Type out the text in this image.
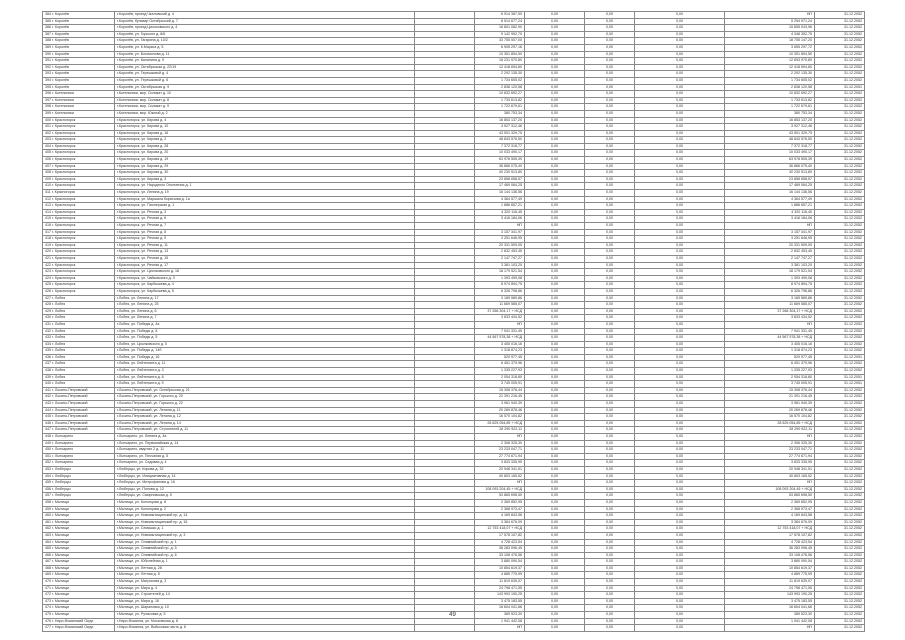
384 г. Королёв	г.Королёв, проезд Чкаловский д. 4		6 914 387,50	0,00	0,00	0,00	НП	31.12.2052
385 г. Королёв	г.Королёв, бульвар Октябрьский д. 7		8 514 677,24	0,00	0,00	0,00	5 254 971,24	31.12.2052
386 г. Королёв	г.Королёв, проезд Циолковского д. 4		16 801 082,90	0,00	0,00	0,00	10 655 043,96	31.12.2052
387 г. Королёв	г.Королёв, ул. Горького д. 8/6		9 142 952,70	0,00	0,00	0,00	4 348 352,75	31.12.2052
388 г. Королёв	г.Королёв, ул. Гагарина д. 10/2		33 755 507,00	0,00	0,00	0,00	18 755 147,20	31.12.2052
389 г. Королёв	г.Королёв, ул. К.Маркса д. 5		6 905 297,16	0,00	0,00	0,00	3 655 297,72	31.12.2052
390 г. Королёв	г.Королёв, ул. Богомолова д. 11		10 351 894,50	0,00	0,00	0,00	10 351 894,50	31.12.2052
391 г. Королёв	г.Королёв, ул. Калинина д. 9		18 231 970,80	0,00	0,00	0,00	12 693 970,80	31.12.2052
392 г. Королёв	г.Королёв, ул. Октябрьская д. 22/19		12 418 694,60	0,00	0,00	0,00	12 418 694,60	31.12.2052
393 г. Королёв	г.Королёв, ул. Терешковой д. 4		2 292 135,30	0,00	0,00	0,00	2 292 135,30	31.12.2052
394 г. Королёв	г.Королёв, ул. Терешковой д. 6		1 734 605,02	0,00	0,00	0,00	1 734 605,02	31.12.2052
395 г. Королёв	г.Королёв, ул. Октябрьская д. 9		2 838 120,58	0,00	0,00	0,00	2 838 120,58	31.12.2051
396 г. Котельники	г.Котельники, мкр. Силикат д. 10		10 832 692,27	0,00	0,00	0,00	10 832 692,27	31.12.2052
397 г. Котельники	г.Котельники, мкр. Силикат д. 8		1 733 613,82	0,00	0,00	0,00	1 733 613,82	31.12.2052
398 г. Котельники	г.Котельники, мкр. Силикат д. 9		1 722 679,61	0,00	0,00	0,00	1 722 679,61	31.12.2052
399 г. Котельники	г.Котельники, мкр. Южный д. 2		380 753,34	0,00	0,00	0,00	380 753,34	31.12.2052
400 г. Красногорск	г.Красногорск, ул. Кирова д. 4		16 853 137,20	0,00	0,00	0,00	16 853 137,20	31.12.2052
401 г. Красногорск	г.Красногорск, ул. Кирова д. 10		3 927 312,46	0,00	0,00	0,00	3 927 312,46	31.12.2052
402 г. Красногорск	г.Красногорск, ул. Кирова д. 16		43 501 329,75	0,00	0,00	0,00	43 501 329,75	31.12.2052
403 г. Красногорск	г.Красногорск, ул. Кирова д. 2		48 843 576,50	0,00	0,00	0,00	48 843 576,50	31.12.2052
404 г. Красногорск	г.Красногорск, ул. Кирова д. 28		7 372 318,77	0,00	0,00	0,00	7 372 318,77	31.12.2052
405 г. Красногорск	г.Красногорск, ул. Кирова д. 20		10 033 490,17	0,00	0,00	0,00	10 033 490,17	31.12.2052
406 г. Красногорск	г.Красногорск, ул. Кирова д. 19		63 978 505,39	0,00	0,00	0,00	63 978 505,39	31.12.2052
407 г. Красногорск	г.Красногорск, ул. Кирова д. 29		36 866 075,40	0,00	0,00	0,00	36 866 075,40	31.12.2052
408 г. Красногорск	г.Красногорск, ул. Кирова д. 30		40 230 513,80	0,00	0,00	0,00	40 230 513,80	31.12.2052
409 г. Красногорск	г.Красногорск, ул. Кирова д. 3		23 858 658,57	0,00	0,00	0,00	23 858 658,57	31.12.2052
410 г. Красногорск	г.Красногорск, ул. Народного Ополчения д. 1		17 469 064,25	0,00	0,00	0,00	17 469 064,25	31.12.2052
411 г. Красногорск	г.Красногорск, ул. Ленина д. 19		16 144 136,56	0,00	0,00	0,00	16 144 136,56	31.12.2052
412 г. Красногорск	г.Красногорск, ул. Маршала Бирюзова д. 1а		4 364 577,49	0,00	0,00	0,00	4 364 577,49	31.12.2052
413 г. Красногорск	г.Красногорск, ул. Пионерская д. 1		1 886 657,21	0,00	0,00	0,00	1 886 657,21	31.12.2052
414 г. Красногорск	г.Красногорск, ул. Речная д. 3		4 320 116,45	0,00	0,00	0,00	4 320 116,45	31.12.2052
415 г. Красногорск	г.Красногорск, ул. Речная д. 6		3 416 184,06	0,00	0,00	0,00	3 416 184,06	31.12.2052
416 г. Красногорск	г.Красногорск, ул. Речная д. 7		НП	0,00	0,00	0,00	НП	31.12.2052
417 г. Красногорск	г.Красногорск, ул. Речная д. 8		3 157 341,97	0,00	0,00	0,00	3 157 341,97	31.12.2052
418 г. Красногорск	г.Красногорск, ул. Речная д. 9		3 251 646,95	0,00	0,00	0,00	3 251 646,95	31.12.2052
419 г. Красногорск	г.Красногорск, ул. Речная д. 11		20 331 509,05	0,00	0,00	0,00	20 331 509,05	31.12.2052
420 г. Красногорск	г.Красногорск, ул. Речная д. 13		2 832 453,45	0,00	0,00	0,00	2 832 453,45	31.12.2052
421 г. Красногорск	г.Красногорск, ул. Речная д. 15		2 147 747,27	0,00	0,00	0,00	2 147 747,27	31.12.2052
422 г. Красногорск	г.Красногорск, ул. Речная д. 17		3 381 103,20	0,00	0,00	0,00	3 381 103,20	31.12.2052
423 г. Красногорск	г.Красногорск, ул. Циолковского д. 18		18 179 521,54	0,00	0,00	0,00	18 179 521,54	31.12.2052
424 г. Красногорск	г.Красногорск, ул. Чайковского д. 3		1 393 499,08	0,00	0,00	0,00	1 393 499,08	31.12.2052
425 г. Красногорск	г.Красногорск, ул. Карбышева д. 4		8 974 894,75	0,00	0,00	0,00	8 974 894,75	31.12.2052
426 г. Красногорск	г.Красногорск, ул. Карбышева д. 5		6 326 798,86	0,00	0,00	0,00	6 326 798,86	31.12.2052
427 г. Лобня	г.Лобня, ул. Ленина д. 17		3 189 589,86	0,00	0,00	0,00	3 189 589,86	31.12.2052
428 г. Лобня	г.Лобня, ул. Ленина д. 25		11 669 585,07	0,00	0,00	0,00	11 669 585,07	31.12.2052
429 г. Лобня	г.Лобня, ул. Ленина д. 6		37 268 304,17 + НСД	0,00	0,00	0,00	37 268 304,17 + НСД	31.12.2052
430 г. Лобня	г.Лобня, ул. Ленина д. 7		3 833 434,52	0,00	0,00	0,00	3 833 434,52	31.12.2052
431 г. Лобня	г.Лобня, ул. Победы д. 4а		НП	0,00	0,00	0,00	НП	31.12.2052
432 г. Лобня	г.Лобня, ул. Победы д. 8		7 941 331,45	0,00	0,00	0,00	7 941 331,45	31.12.2052
433 г. Лобня	г.Лобня, ул. Победы д. 5		44 567 578,38 + НСД	0,00	0,00	0,00	44 567 578,38 + НСД	31.12.2052
434 г. Лобня	г.Лобня, ул. Циолковского д. 5		3 405 016,16	0,00	0,00	0,00	3 405 016,16	31.12.2052
435 г. Лобня	г.Лобня, ул. Победы д. 14б		1 318 874,23	0,00	0,00	0,00	1 318 874,23	31.12.2052
436 г. Лобня	г.Лобня, ул. Победы д. 16		520 977,45	0,00	0,00	0,00	520 977,45	31.12.2051
437 г. Лобня	г.Лобня, ул. Лейтенанта д. 11		6 451 379,96	0,00	0,00	0,00	6 451 379,96	31.12.2052
438 г. Лобня	г.Лобня, ул. Лейтенанта д. 3		1 335 227,93	0,00	0,00	0,00	1 335 227,93	31.12.2052
439 г. Лобня	г.Лобня, ул. Лейтенанта д. 8		2 054 318,80	0,00	0,00	0,00	2 054 318,80	31.12.2051
440 г. Лобня	г.Лобня, ул. Лейтенанта д. 9		3 745 005,91	0,00	0,00	0,00	3 745 005,91	31.12.2051
441 г. Лосино-Петровский	г.Лосино-Петровский, ул. Октябрьская д. 21		15 308 376,44	0,00	0,00	0,00	15 308 376,44	31.12.2052
442 г. Лосино-Петровский	г.Лосино-Петровский, ул. Горького д. 20		21 391 216,45	0,00	0,00	0,00	21 391 216,45	31.12.2052
443 г. Лосино-Петровский	г.Лосино-Петровский, ул. Горького д. 22		3 961 940,39	0,00	0,00	0,00	3 961 940,39	31.12.2052
444 г. Лосино-Петровский	г.Лосино-Петровский, ул. Ленина д. 11		20 269 878,46	0,00	0,00	0,00	20 269 878,46	31.12.2052
445 г. Лосино-Петровский	г.Лосино-Петровский, ул. Ленина д. 12		16 570 104,82	0,00	0,00	0,00	16 570 104,82	31.12.2052
446 г. Лосино-Петровский	г.Лосино-Петровский, ул. Ленина д. 14		28 625 054,85 + НСД	0,00	0,00	0,00	28 625 054,85 + НСД	31.12.2052
447 г. Лосино-Петровский	г.Лосино-Петровский, ул. Строителей д. 11		28 290 922,11	0,00	0,00	0,00	28 290 922,11	31.12.2052
448 г. Лыткарино	г.Лыткарино, ул. Ленина д. 4а		НП	0,00	0,00	0,00	НП	31.12.2052
449 г. Лыткарино	г.Лыткарино, ул. Первомайская д. 14		2 306 325,30	0,00	0,00	0,00	2 306 325,30	31.12.2052
450 г. Лыткарино	г.Лыткарино, квартал 2 д. 11		23 233 047,71	0,00	0,00	0,00	23 233 047,71	31.12.2052
451 г. Лыткарино	г.Лыткарино, ул. Песчаная д. 5		27 774 671,94	0,00	0,00	0,00	27 774 671,94	31.12.2052
452 г. Лыткарино	г.Лыткарино, ул. Садовая д. 4		3 833 335,95	0,00	0,00	0,00	3 833 335,95	31.12.2052
453 г. Люберцы	г.Люберцы, ул. Кирова д. 32		20 948 341,51	0,00	0,00	0,00	20 948 341,51	31.12.2052
454 г. Люберцы	г.Люберцы, ул. Инициативная д. 14		40 803 165,52	0,00	0,00	0,00	40 803 165,52	31.12.2052
455 г. Люберцы	г.Люберцы, ул. Митрофанова д. 16		НП	0,00	0,00	0,00	НП	31.12.2052
456 г. Люберцы	г.Люберцы, ул. Попова д. 12		108 093 204,45 + НСД	0,00	0,00	0,00	108 093 204,45 + НСД	31.12.2052
457 г. Люберцы	г.Люберцы, ул. Смирновская д. 5		53 865 698,50	0,00	0,00	0,00	53 865 698,50	31.12.2052
458 г. Мытищи	г.Мытищи, ул. Колонцова д. 8		2 369 852,95	0,00	0,00	0,00	2 369 852,95	31.12.2052
459 г. Мытищи	г.Мытищи, ул. Колонцова д. 2		2 368 973,47	0,00	0,00	0,00	2 368 973,47	31.12.2052
460 г. Мытищи	г.Мытищи, ул. Новомытищинский пр. д. 14		4 169 843,58	0,00	0,00	0,00	4 169 843,58	31.12.2052
461 г. Мытищи	г.Мытищи, ул. Новомытищинский пр. д. 16		3 384 676,09	0,00	0,00	0,00	3 384 676,09	31.12.2052
462 г. Мытищи	г.Мытищи, ул. Семашко д. 1		12 753 418,07 + НСД	0,00	0,00	0,00	12 753 418,07 + НСД	31.12.2052
463 г. Мытищи	г.Мытищи, ул. Новомытищинский пр. д. 3		17 578 107,82	0,00	0,00	0,00	17 578 107,82	31.12.2052
464 г. Мытищи	г.Мытищи, ул. Олимпийский пр. д. 1		4 728 423,54	0,00	0,00	0,00	4 728 423,54	31.12.2052
465 г. Мытищи	г.Мытищи, ул. Олимпийский пр. д. 5		36 283 096,45	0,00	0,00	0,00	36 283 096,45	31.12.2052
466 г. Мытищи	г.Мытищи, ул. Олимпийский пр. д. 6		33 108 476,56	0,00	0,00	0,00	33 108 476,56	31.12.2052
467 г. Мытищи	г.Мытищи, ул. Юбилейная д. 1		3 880 090,54	0,00	0,00	0,00	3 880 090,54	31.12.2052
468 г. Мытищи	г.Мытищи, ул. Летная д. 28		10 854 619,37	0,00	0,00	0,00	10 854 619,37	31.12.2052
469 г. Мытищи	г.Мытищи, ул. Летная д. 8		4 889 775,99	0,00	0,00	0,00	4 889 775,99	31.12.2052
470 г. Мытищи	г.Мытищи, ул. Матросова д. 3		11 819 639,07	0,00	0,00	0,00	11 819 639,07	31.12.2052
471 г. Мытищи	г.Мытищи, ул. Мира д. 4		24 798 471,55	0,00	0,00	0,00	24 798 471,55	31.12.2052
472 г. Мытищи	г.Мытищи, ул. Строителей д. 14		143 993 190,25	0,00	0,00	0,00	143 993 190,25	31.12.2052
473 г. Мытищи	г.Мытищи, ул. Мира д. 16		3 475 183,55	0,00	0,00	0,00	3 475 183,55	31.12.2052
474 г. Мытищи	г.Мытищи, ул. Шараповка д. 10		16 604 041,66	0,00	0,00	0,00	16 604 041,66	31.12.2052
475 г. Мытищи	г.Мытищи, ул. Рупасовка д. 5		389 523,30	0,00	0,00	0,00	389 523,30	31.12.2052
476 г. Наро-Фоминский Округ	г.Наро-Фоминск, ул. Московская д. 8		1 941 442,08	0,00	0,00	0,00	1 941 442,08	31.12.2052
477 г. Наро-Фоминский Округ	г.Наро-Фоминск, ул. Войсковая часть д. 6		НП	0,00	0,00	0,00	НП	31.12.2052
49
